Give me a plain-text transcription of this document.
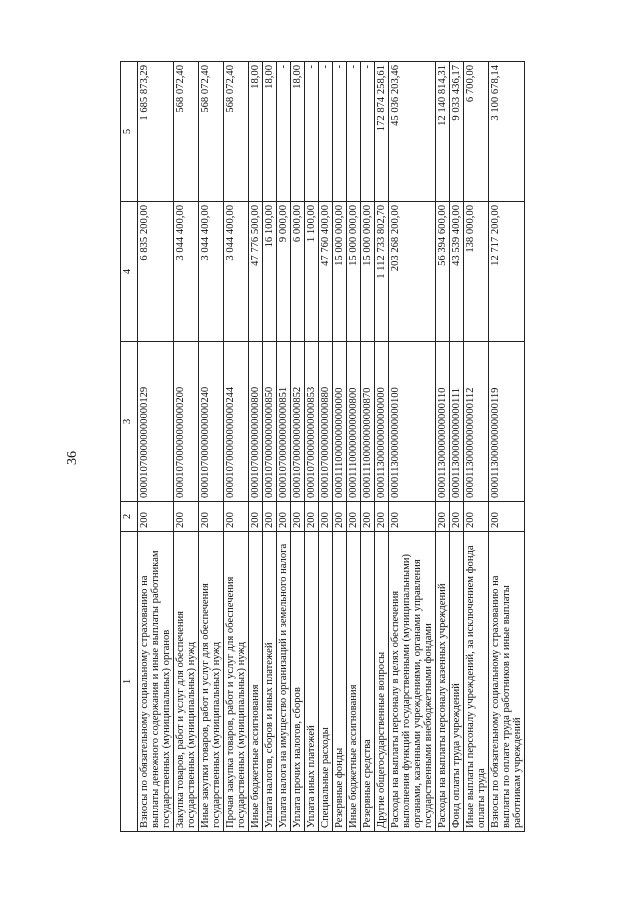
36
1	2	3	4	5
Взносы по обязательному социальному страхованию на выплаты денежного содержания и иные выплаты работникам государственных (муниципальных) органов	200	000010700000000000129	6 835 200,00	1 685 873,29
Закупка товаров, работ и услуг для обеспечения государственных (муниципальных) нужд	200	000010700000000000200	3 044 400,00	568 072,40
Иные закупки товаров, работ и услуг для обеспечения государственных (муниципальных) нужд	200	000010700000000000240	3 044 400,00	568 072,40
Прочая закупка товаров, работ и услуг для обеспечения государственных (муниципальных) нужд	200	000010700000000000244	3 044 400,00	568 072,40
Иные бюджетные ассигнования	200	000010700000000000800	47 776 500,00	18,00
Уплата налогов, сборов и иных платежей	200	000010700000000000850	16 100,00	18,00
Уплата налога на имущество организаций и земельного налога	200	000010700000000000851	9 000,00	-
Уплата прочих налогов, сборов	200	000010700000000000852	6 000,00	18,00
Уплата иных платежей	200	000010700000000000853	1 100,00	-
Специальные расходы	200	000010700000000000880	47 760 400,00	-
Резервные фонды	200	000011100000000000000	15 000 000,00	-
Иные бюджетные ассигнования	200	000011100000000000800	15 000 000,00	-
Резервные средства	200	000011100000000000870	15 000 000,00	-
Другие общегосударственные вопросы	200	000011300000000000000	1 112 733 802,70	172 874 258,61
Расходы на выплаты персоналу в целях обеспечения выполнения функций государственными (муниципальными) органами, казенными учреждениями, органами управления государственными внебюджетными фондами	200	000011300000000000100	203 268 200,00	45 036 203,46
Расходы на выплаты персоналу казенных учреждений	200	000011300000000000110	56 394 600,00	12 140 814,31
Фонд оплаты труда учреждений	200	000011300000000000111	43 539 400,00	9 033 436,17
Иные выплаты персоналу учреждений, за исключением фонда оплаты труда	200	000011300000000000112	138 000,00	6 700,00
Взносы по обязательному социальному страхованию на выплаты по оплате труда работников и иные выплаты работникам учреждений	200	000011300000000000119	12 717 200,00	3 100 678,14
